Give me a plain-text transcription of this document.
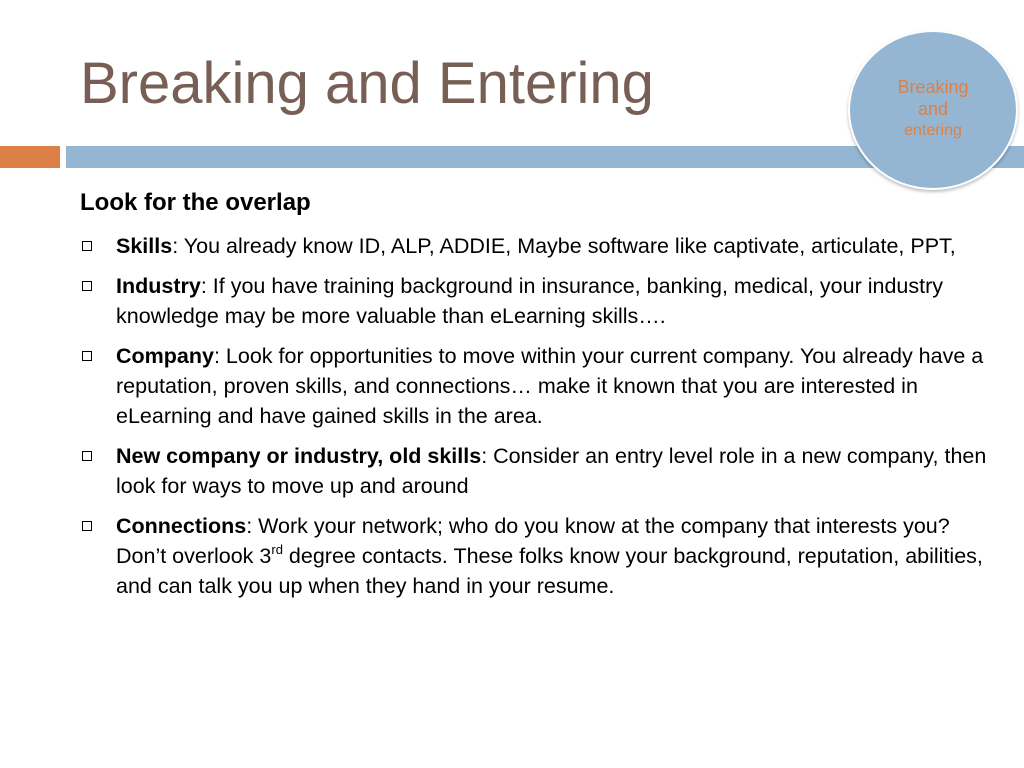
Breaking and Entering	Breaking
and
entering
Look for the overlap
Skills: You already know ID, ALP, ADDIE, Maybe software like captivate, articulate, PPT,
Industry: If you have training background in insurance, banking, medical, your industry knowledge may be more valuable than eLearning skills….
Company: Look for opportunities to move within your current company. You already have a reputation, proven skills, and connections… make it known that you are interested in eLearning and have gained skills in the area.
New company or industry, old skills: Consider an entry level role in a new company, then look for ways to move up and around
Connections: Work your network; who do you know at the company that interests you? Don’t overlook 3rd degree contacts. These folks know your background, reputation, abilities, and can talk you up when they hand in your resume.
